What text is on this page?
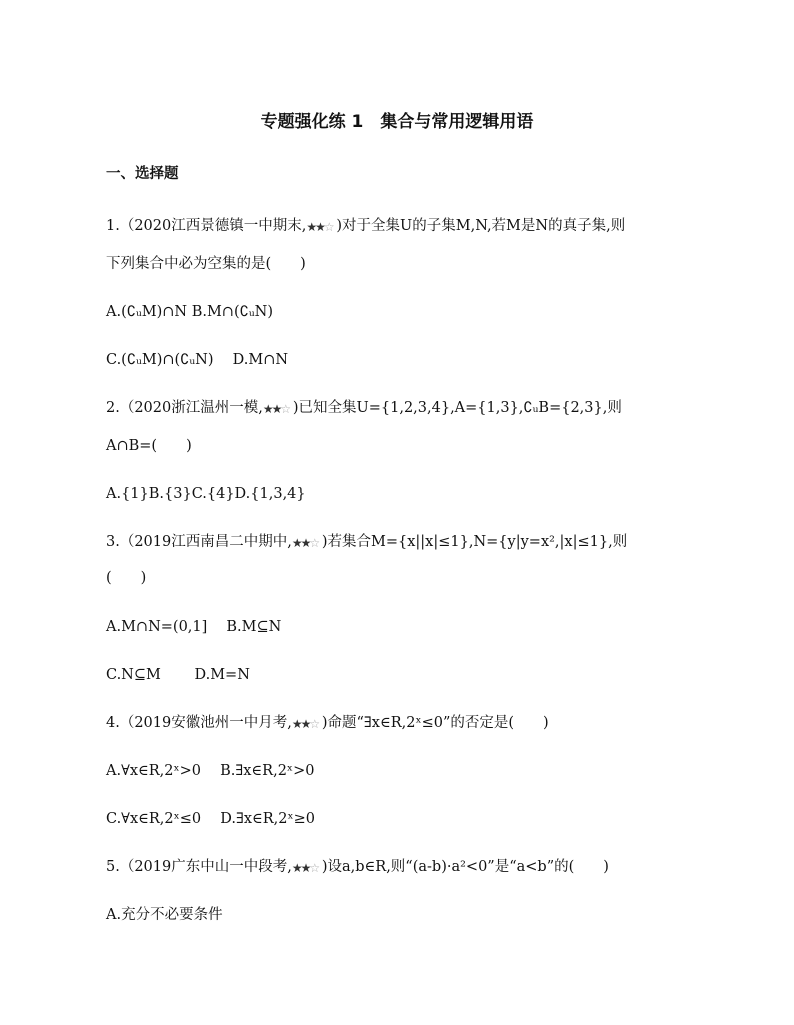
专题强化练 1　集合与常用逻辑用语
一、选择题
1.（2020江西景德镇一中期末,★★☆ )对于全集U的子集M,N,若M是N的真子集,则
下列集合中必为空集的是(　　)
A.(∁ᵤM)∩N B.M∩(∁ᵤN)
C.(∁ᵤM)∩(∁ᵤN)　 D.M∩N
2.（2020浙江温州一模,★★☆ )已知全集U={1,2,3,4},A={1,3},∁ᵤB={2,3},则
A∩B=(　　)
A.{1}B.{3}C.{4}D.{1,3,4}
3.（2019江西南昌二中期中,★★☆ )若集合M={x||x|≤1},N={y|y=x²,|x|≤1},则
(　　)
A.M∩N=(0,1]　 B.M⊆N
C.N⊆M　　 D.M=N
4.（2019安徽池州一中月考,★★☆ )命题“∃x∈R,2ˣ≤0”的否定是(　　)
A.∀x∈R,2ˣ>0　 B.∃x∈R,2ˣ>0
C.∀x∈R,2ˣ≤0　 D.∃x∈R,2ˣ≥0
5.（2019广东中山一中段考,★★☆ )设a,b∈R,则“(a-b)·a²<0”是“a<b”的(　　)
A.充分不必要条件
